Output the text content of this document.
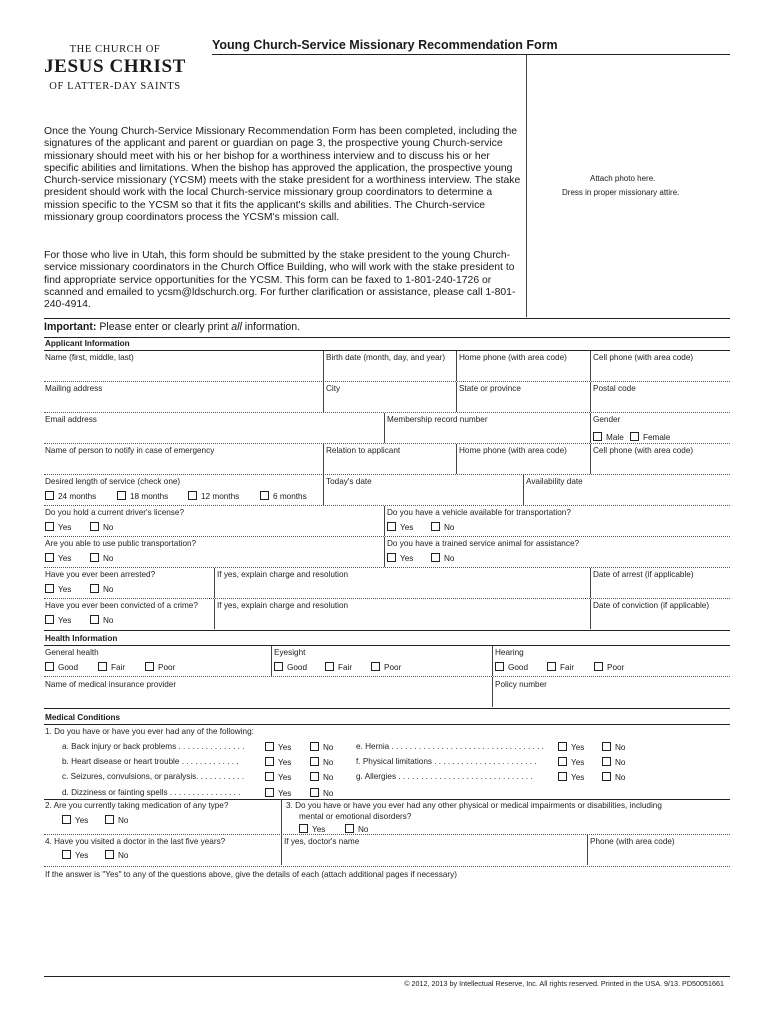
THE CHURCH OF
JESUS CHRIST
OF LATTER-DAY SAINTS
Young Church-Service Missionary Recommendation Form
Attach photo here.
Dress in proper missionary attire.
Once the Young Church-Service Missionary Recommendation Form has been completed, including the signatures of the applicant and parent or guardian on page 3, the prospective young Church-service missionary should meet with his or her bishop for a worthiness interview and to discuss his or her specific abilities and limitations. When the bishop has approved the application, the prospective young Church-service missionary (YCSM) meets with the stake president for a worthiness interview. The stake president should work with the local Church-service missionary group coordinators to determine a mission specific to the YCSM so that it fits the applicant's skills and abilities. The Church-service missionary group coordinators process the YCSM's mission call.
For those who live in Utah, this form should be submitted by the stake president to the young Church-service missionary coordinators in the Church Office Building, who will work with the stake president to find appropriate service opportunities for the YCSM. This form can be faxed to 1-801-240-1726 or scanned and emailed to ycsm@ldschurch.org. For further clarification or assistance, please call 1-801-240-4914.
Important: Please enter or clearly print all information.
Applicant Information
Name (first, middle, last)	Birth date (month, day, and year) Home phone (with area code)	Cell phone (with area code)
Mailing address	City	State or province	Postal code
Email address	Membership record number	Gender
Male	Female
Name of person to notify in case of emergency	Relation to applicant	Home phone (with area code)	Cell phone (with area code)
Desired length of service (check one)
24 months	18 months	12 months	6 months
Today's date	Availability date
Do you hold a current driver's license?
Yes	No
Do you have a vehicle available for transportation?
Yes	No
Are you able to use public transportation?
Yes	No
Do you have a trained service animal for assistance?
Yes	No
Have you ever been arrested?
Yes	No
If yes, explain charge and resolution	Date of arrest (if applicable)
Have you ever been convicted of a crime?
Yes	No
If yes, explain charge and resolution	Date of conviction (if applicable)
Health Information
General health
Good	Fair	Poor
Eyesight
Good	Fair	Poor
Hearing
Good	Fair	Poor
Name of medical insurance provider	Policy number
Medical Conditions
1. Do you have or have you ever had any of the following:
a. Back injury or back problems . . . . . . . . . . . . . . .	Yes	No	e. Hernia . . . . . . . . . . . . . . . . . . . . . . . . . . . . . . . . . .	Yes	No
b. Heart disease or heart trouble . . . . . . . . . . . . .	Yes	No	f. Physical limitations . . . . . . . . . . . . . . . . . . . . . . .	Yes	No
c. Seizures, convulsions, or paralysis. . . . . . . . . . .	Yes	No	g. Allergies . . . . . . . . . . . . . . . . . . . . . . . . . . . . . .	Yes	No
d. Dizziness or fainting spells . . . . . . . . . . . . . . . .	Yes	No
2. Are you currently taking medication of any type?
Yes	No
3. Do you have or have you ever had any other physical or medical impairments or disabilities, including
mental or emotional disorders?
Yes	No
4. Have you visited a doctor in the last five years?
Yes	No
If yes, doctor's name	Phone (with area code)
If the answer is "Yes" to any of the questions above, give the details of each (attach additional pages if necessary)
© 2012, 2013 by Intellectual Reserve, Inc. All rights reserved. Printed in the USA. 9/13. PD50051661
